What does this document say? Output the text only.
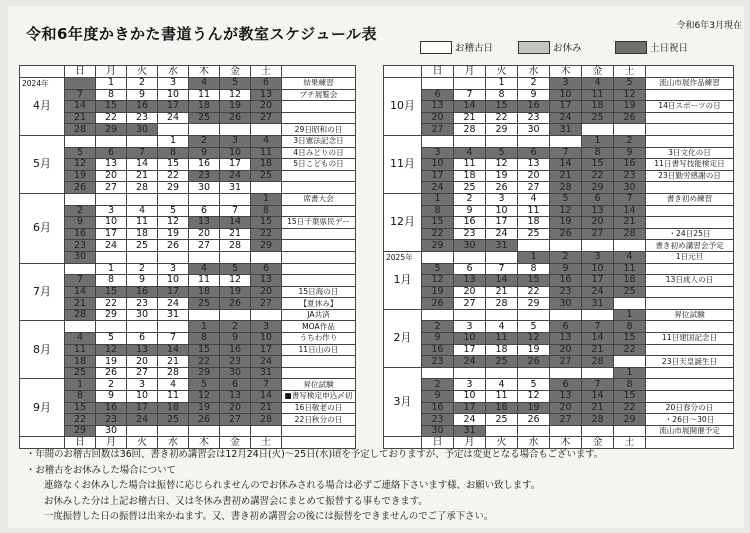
令和6年度かきかた書道うんが教室スケジュール表	令和6年3月現在
お稽古日	お休み	土日祝日
	日	月	火	水	木	金	土	

2024年
4月		1	2	3	4	5	6	結果練習
	7	8	9	10	11	12	13	プチ展覧会
	14	15	16	17	18	19	20	
	21	22	23	24	25	26	27	
	28	29	30					29日昭和の日

5月				1	2	3	4	3日憲法記念日
	5	6	7	8	9	10	11	4日みどりの日
	12	13	14	15	16	17	18	5日こどもの日
	19	20	21	22	23	24	25	
	26	27	28	29	30	31		

6月							1	席書大会
	2	3	4	5	6	7	8	
	9	10	11	12	13	14	15	15日千葉県民デー
	16	17	18	19	20	21	22	
	23	24	25	26	27	28	29	
	30							

7月		1	2	3	4	5	6	
	7	8	9	10	11	12	13	
	14	15	16	17	18	19	20	15日海の日
	21	22	23	24	25	26	27	【夏休み】
	28	29	30	31				JA共済

8月					1	2	3	MOA作品
	4	5	6	7	8	9	10	うちわ作り
	11	12	13	14	15	16	17	11日山の日
	18	19	20	21	22	23	24	
	25	26	27	28	29	30	31	

9月	1	2	3	4	5	6	7	昇位試験
	8	9	10	11	12	13	14	■書写検定申込〆切
	15	16	17	18	19	20	21	16日敬老の日
	22	23	24	25	26	27	28	22日秋分の日
	29	30						
	日	月	火	水	木	金	土	
	日	月	火	水	木	金	土	

10月			1	2	3	4	5	流山市展作品練習
	6	7	8	9	10	11	12	
	13	14	15	16	17	18	19	14日スポーツの日
	20	21	22	23	24	25	26	
	27	28	29	30	31			

11月						1	2	
	3	4	5	6	7	8	9	3日文化の日
	10	11	12	13	14	15	16	11日書写技能検定日
	17	18	19	20	21	22	23	23日勤労感謝の日
	24	25	26	27	28	29	30	

12月	1	2	3	4	5	6	7	書き初め練習
	8	9	10	11	12	13	14	
	15	16	17	18	19	20	21	
	22	23	24	25	26	27	28	・24日25日
	29	30	31					書き初め講習会予定

2025年
1月				1	2	3	4	1日元旦
	5	6	7	8	9	10	11	
	12	13	14	15	16	17	18	13日成人の日
	19	20	21	22	23	24	25	
	26	27	28	29	30	31		

2月							1	昇位試験
	2	3	4	5	6	7	8	
	9	10	11	12	13	14	15	11日建国記念日
	16	17	18	19	20	21	22	
	23	24	25	26	27	28		23日天皇誕生日

3月							1	
	2	3	4	5	6	7	8	
	9	10	11	12	13	14	15	
	16	17	18	19	20	21	22	20日春分の日
	23	24	25	26	27	28	29	・26日〜30日
	30	31						流山市展開催予定
	日	月	火	水	木	金	土	
・年間のお稽古回数は36回、書き初め講習会は12月24日(火)〜25日(水)頃を予定しておりますが、予定は変更となる場合もございます。
・お稽古をお休みした場合について
連絡なくお休みした場合は振替に応じられませんのでお休みされる場合は必ずご連絡下さいます様、お願い致します。
お休みした分は上記お稽古日、又は冬休み書初め講習会にまとめて振替する事もできます。
一度振替した日の振替は出来かねます。又、書き初め講習会の後には振替をできませんのでご了承下さい。
